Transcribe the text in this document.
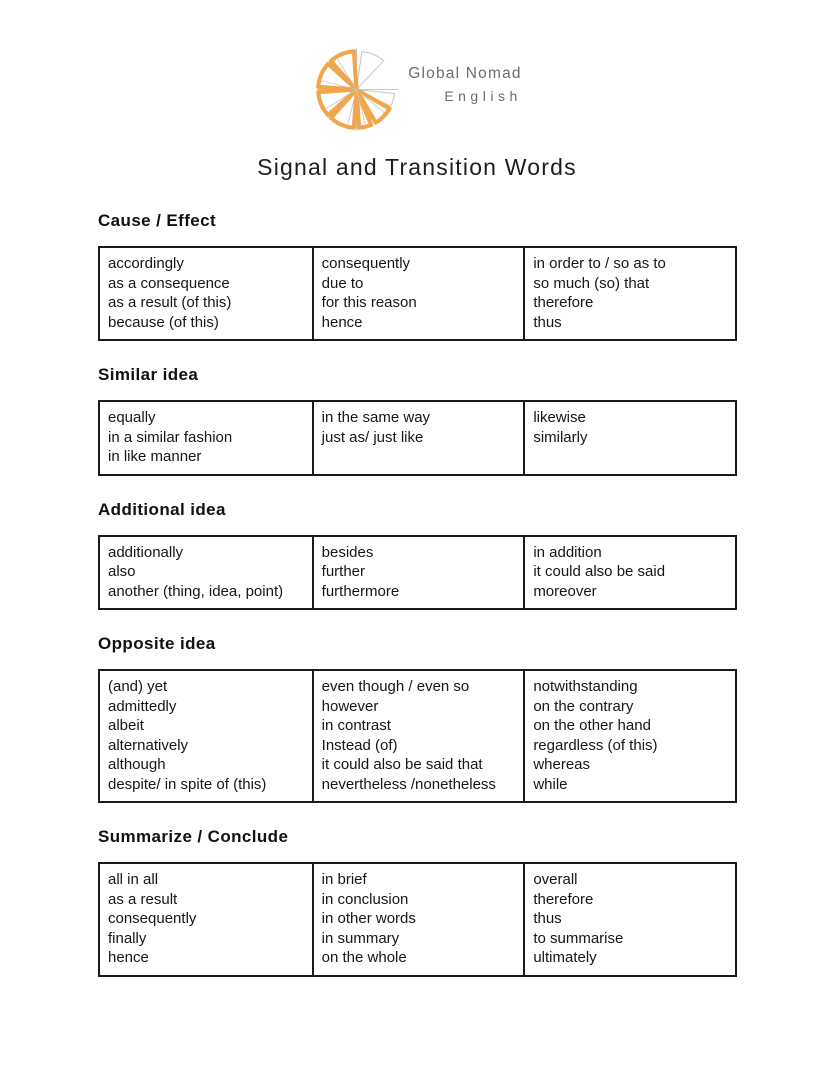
Global Nomad
English
Signal and Transition Words
Cause / Effect
accordingly
as a consequence
as a result (of this)
because (of this)
consequently
due to
for this reason
hence
in order to / so as to
so much (so) that
therefore
thus
Similar idea
equally
in a similar fashion
in like manner
in the same way
just as/ just like
likewise
similarly
Additional idea
additionally
also
another (thing, idea, point)
besides
further
furthermore
in addition
it could also be said
moreover
Opposite idea
(and) yet
admittedly
albeit
alternatively
although
despite/ in spite of (this)
even though / even so
however
in contrast
Instead (of)
it could also be said that
nevertheless /nonetheless
notwithstanding
on the contrary
on the other hand
regardless (of this)
whereas
while
Summarize / Conclude
all in all
as a result
consequently
finally
hence
in brief
in conclusion
in other words
in summary
on the whole
overall
therefore
thus
to summarise
ultimately
